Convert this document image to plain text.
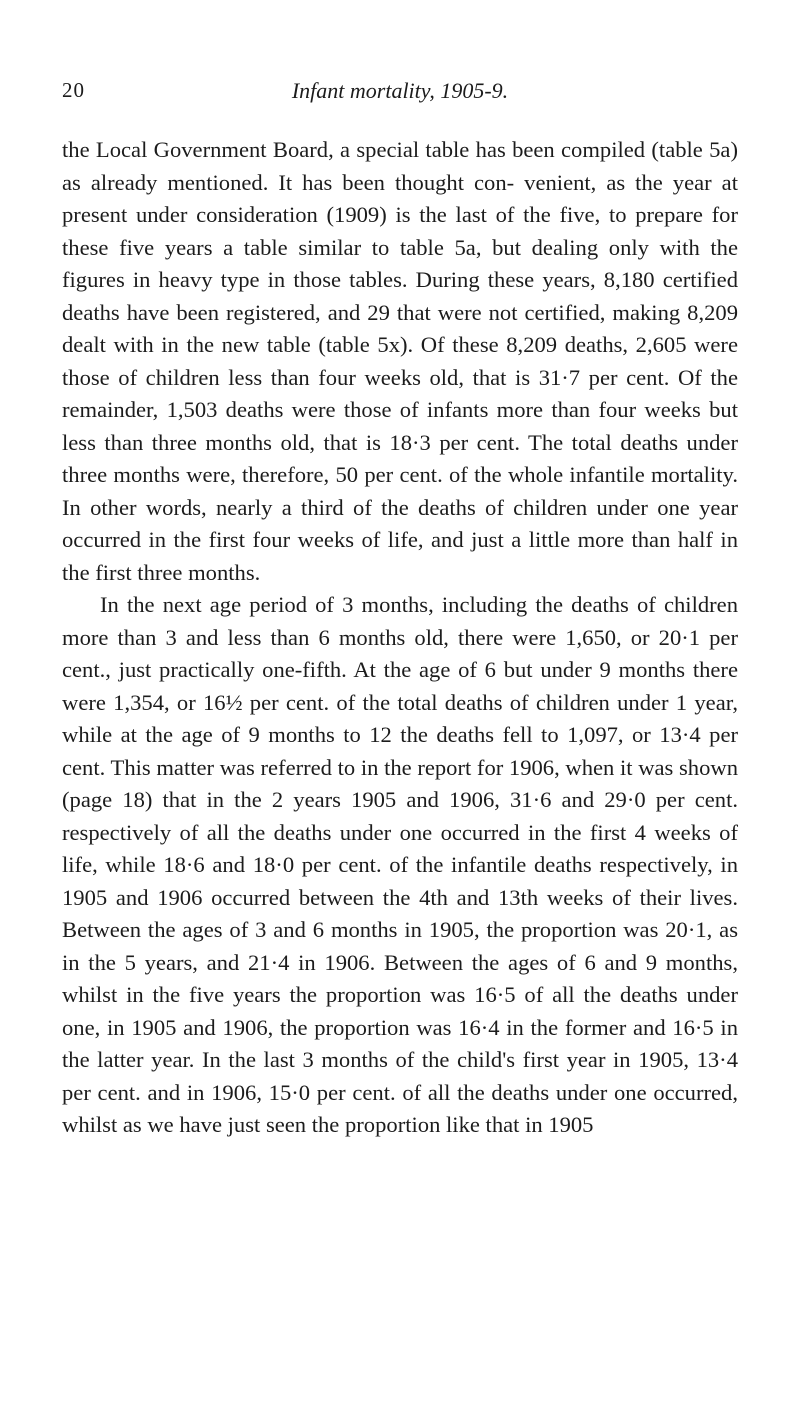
20	Infant mortality, 1905-9.

the Local Government Board, a special table has been compiled (table 5a) as already mentioned. It has been thought con- venient, as the year at present under consideration (1909) is the last of the five, to prepare for these five years a table similar to table 5a, but dealing only with the figures in heavy type in those tables. During these years, 8,180 certified deaths have been registered, and 29 that were not certified, making 8,209 dealt with in the new table (table 5x). Of these 8,209 deaths, 2,605 were those of children less than four weeks old, that is 31·7 per cent. Of the remainder, 1,503 deaths were those of infants more than four weeks but less than three months old, that is 18·3 per cent. The total deaths under three months were, therefore, 50 per cent. of the whole infantile mortality. In other words, nearly a third of the deaths of children under one year occurred in the first four weeks of life, and just a little more than half in the first three months.

In the next age period of 3 months, including the deaths of children more than 3 and less than 6 months old, there were 1,650, or 20·1 per cent., just practically one-fifth. At the age of 6 but under 9 months there were 1,354, or 16½ per cent. of the total deaths of children under 1 year, while at the age of 9 months to 12 the deaths fell to 1,097, or 13·4 per cent. This matter was referred to in the report for 1906, when it was shown (page 18) that in the 2 years 1905 and 1906, 31·6 and 29·0 per cent. respectively of all the deaths under one occurred in the first 4 weeks of life, while 18·6 and 18·0 per cent. of the infantile deaths respectively, in 1905 and 1906 occurred between the 4th and 13th weeks of their lives. Between the ages of 3 and 6 months in 1905, the proportion was 20·1, as in the 5 years, and 21·4 in 1906. Between the ages of 6 and 9 months, whilst in the five years the proportion was 16·5 of all the deaths under one, in 1905 and 1906, the proportion was 16·4 in the former and 16·5 in the latter year. In the last 3 months of the child's first year in 1905, 13·4 per cent. and in 1906, 15·0 per cent. of all the deaths under one occurred, whilst as we have just seen the proportion like that in 1905
